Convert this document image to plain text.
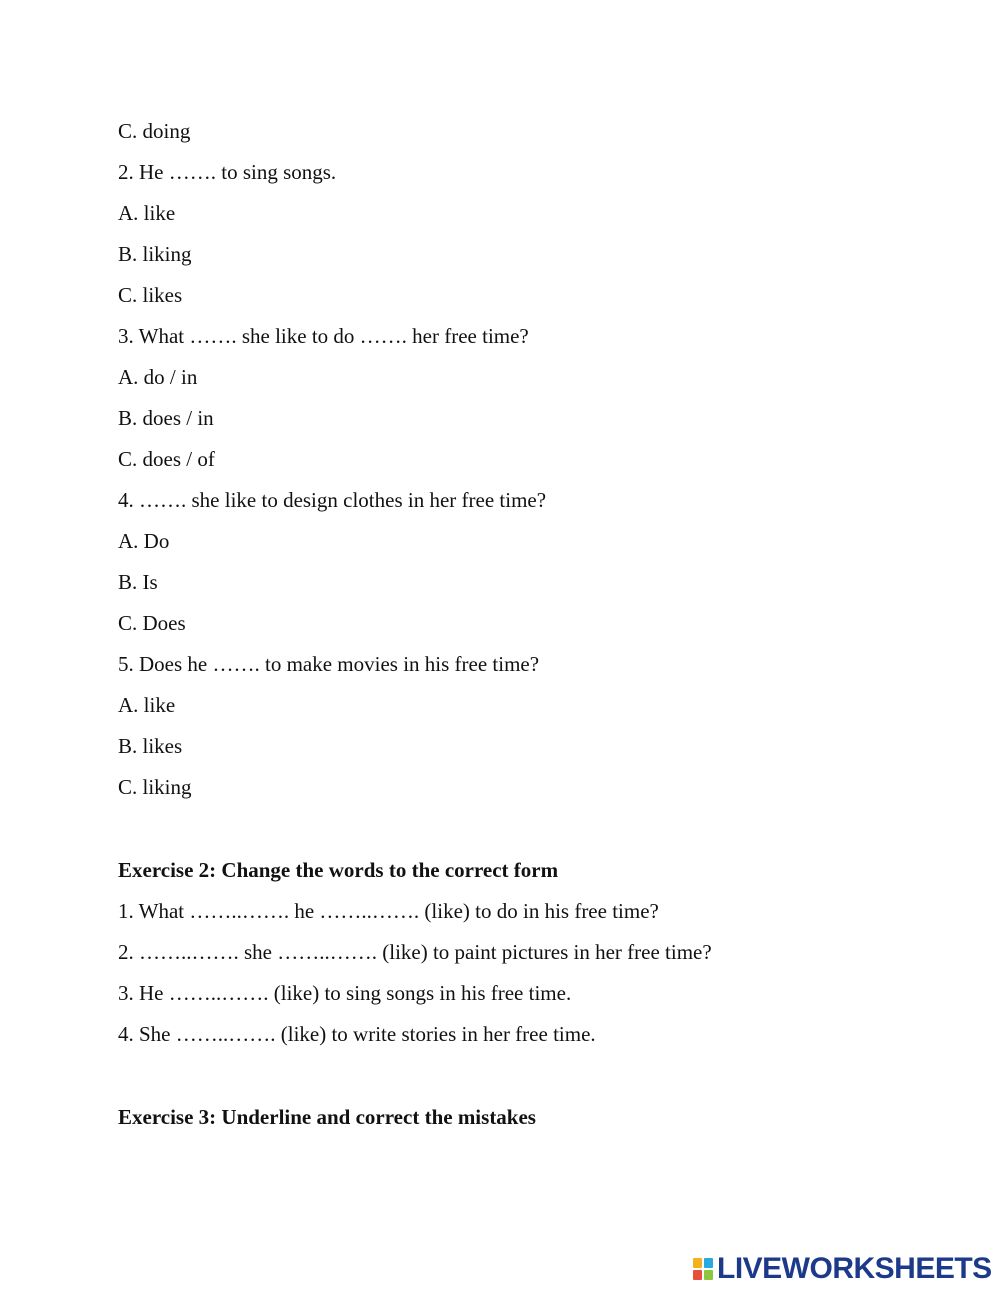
C. doing
2. He ……. to sing songs.
A. like
B. liking
C. likes
3. What ……. she like to do ……. her free time?
A. do / in
B. does / in
C. does / of
4. ……. she like to design clothes in her free time?
A. Do
B. Is
C. Does
5. Does he ……. to make movies in his free time?
A. like
B. likes
C. liking
Exercise 2: Change the words to the correct form
1. What ……..……. he ……..……. (like) to do in his free time?
2. ……..……. she ……..……. (like) to paint pictures in her free time?
3. He ……..……. (like) to sing songs in his free time.
4. She ……..……. (like) to write stories in her free time.
Exercise 3: Underline and correct the mistakes
LIVEWORKSHEETS
